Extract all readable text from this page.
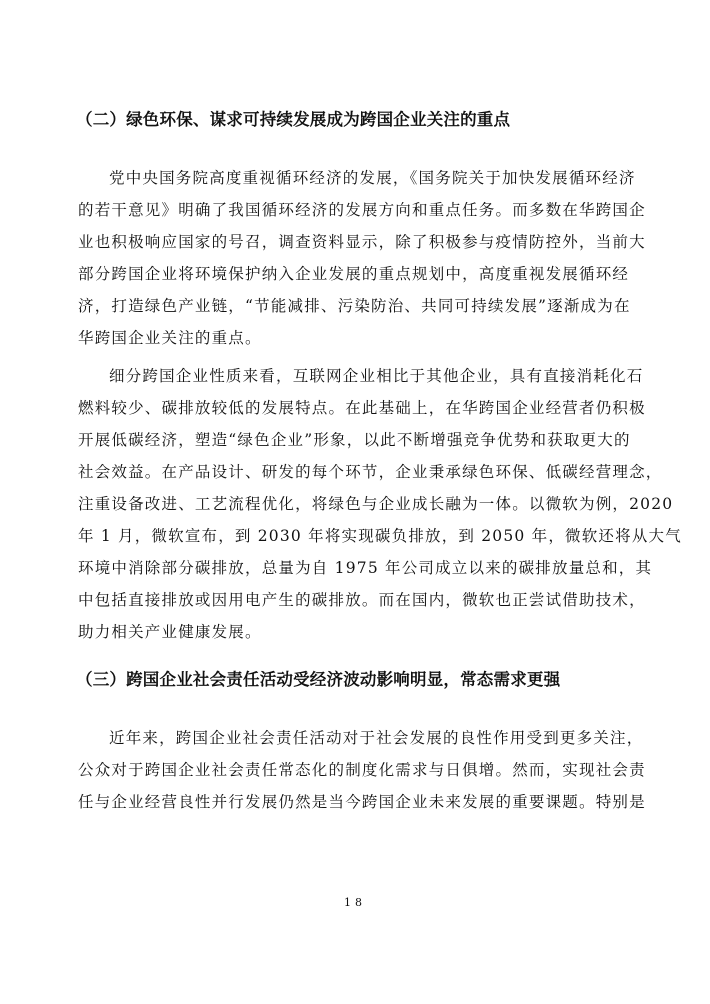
（二）绿色环保、谋求可持续发展成为跨国企业关注的重点

党中央国务院高度重视循环经济的发展，《国务院关于加快发展循环经济
的若干意见》明确了我国循环经济的发展方向和重点任务。而多数在华跨国企
业也积极响应国家的号召，调查资料显示，除了积极参与疫情防控外，当前大
部分跨国企业将环境保护纳入企业发展的重点规划中，高度重视发展循环经
济，打造绿色产业链，“节能减排、污染防治、共同可持续发展”逐渐成为在
华跨国企业关注的重点。

细分跨国企业性质来看，互联网企业相比于其他企业，具有直接消耗化石
燃料较少、碳排放较低的发展特点。在此基础上，在华跨国企业经营者仍积极
开展低碳经济，塑造“绿色企业”形象，以此不断增强竞争优势和获取更大的
社会效益。在产品设计、研发的每个环节，企业秉承绿色环保、低碳经营理念，
注重设备改进、工艺流程优化，将绿色与企业成长融为一体。以微软为例，2020
年 1 月，微软宣布，到 2030 年将实现碳负排放，到 2050 年，微软还将从大气
环境中消除部分碳排放，总量为自 1975 年公司成立以来的碳排放量总和，其
中包括直接排放或因用电产生的碳排放。而在国内，微软也正尝试借助技术，
助力相关产业健康发展。

（三）跨国企业社会责任活动受经济波动影响明显，常态需求更强

近年来，跨国企业社会责任活动对于社会发展的良性作用受到更多关注，
公众对于跨国企业社会责任常态化的制度化需求与日俱增。然而，实现社会责
任与企业经营良性并行发展仍然是当今跨国企业未来发展的重要课题。特别是

18
